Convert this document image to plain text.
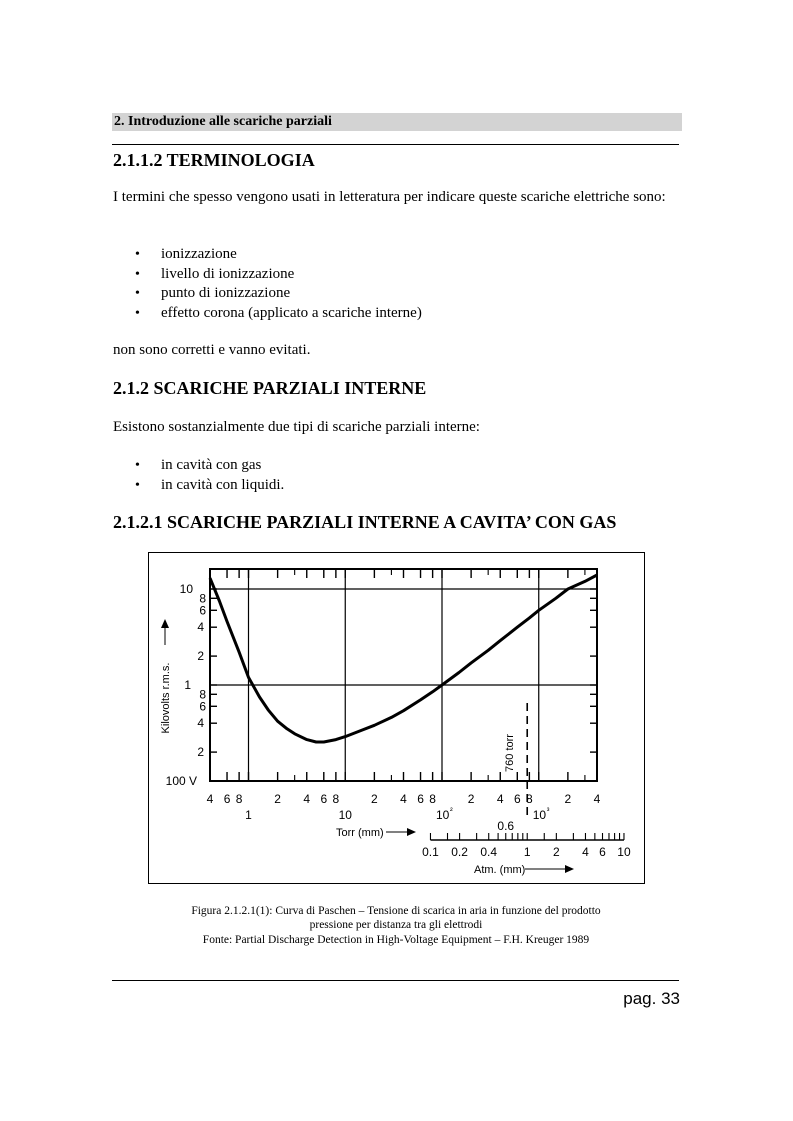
2. Introduzione alle scariche parziali
2.1.1.2 TERMINOLOGIA

I termini che spesso vengono usati in letteratura per indicare queste scariche elettriche sono:

• ionizzazione
• livello di ionizzazione
• punto di ionizzazione
• effetto corona (applicato a scariche interne)

non sono corretti e vanno evitati.

2.1.2 SCARICHE PARZIALI INTERNE

Esistono sostanzialmente due tipi di scariche parziali interne:

• in cavità con gas
• in cavità con liquidi.
2.1.2.1 SCARICHE PARZIALI INTERNE A CAVITA’ CON GAS
100 V
2
4
6
8
1
2
4
6
8
10
4 6 8
1
2 4 6 8
10
2 4 6 8
10 ²
2 4 6 8
10 ³
2 4
Kilovolts r.m.s.
Torr (mm)
0.1 0.2 0.4 1 2 4 6 10
0.6
Atm. (mm)
760 torr
Figura 2.1.2.1(1): Curva di Paschen – Tensione di scarica in aria in funzione del prodotto
pressione per distanza tra gli elettrodi
Fonte: Partial Discharge Detection in High-Voltage Equipment – F.H. Kreuger 1989
pag. 33
